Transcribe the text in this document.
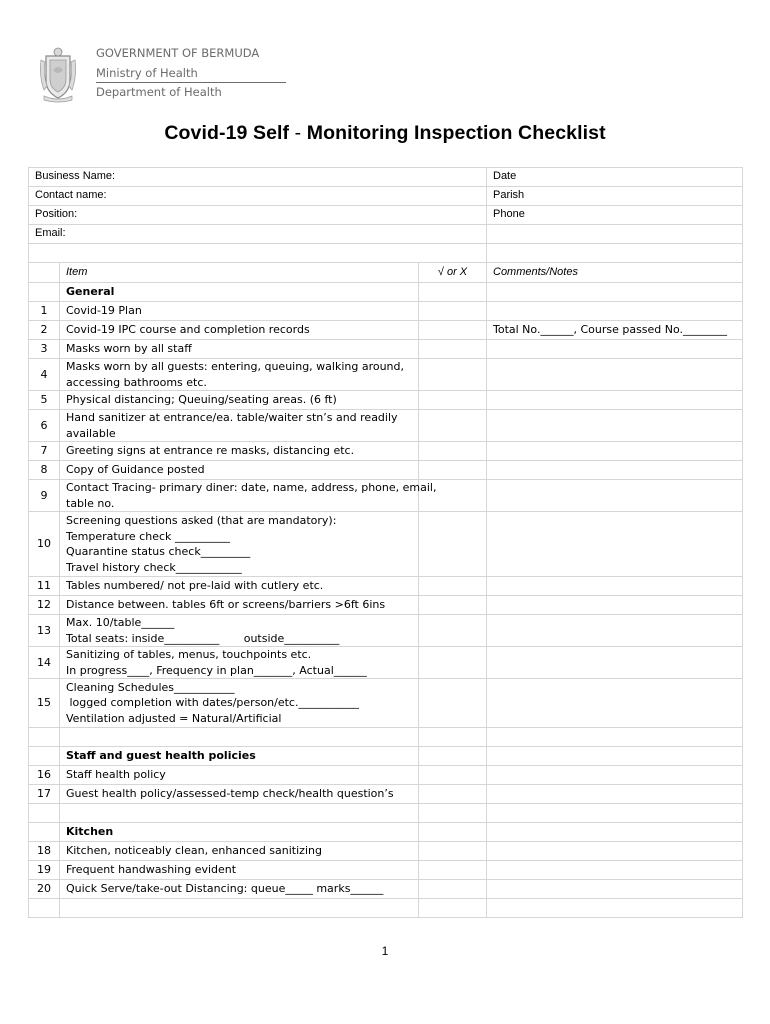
GOVERNMENT OF BERMUDA
Ministry of Health
Department of Health
Covid-19 Self - Monitoring Inspection Checklist
Business Name:			Date
Contact name:			Parish
Position:			Phone
Email:			

	Item	√ or X	Comments/Notes
	General		
1	Covid-19 Plan		

2	Covid-19 IPC course and completion records		Total No.______, Course passed No.________
3	Masks worn by all staff		

4	Masks worn by all guests: entering, queuing, walking around,
accessing bathrooms etc.		

5	Physical distancing; Queuing/seating areas. (6 ft)		

6	Hand sanitizer at entrance/ea. table/waiter stn’s and readily
available		

7	Greeting signs at entrance re masks, distancing etc.		

8	Copy of Guidance posted		

9	Contact Tracing- primary diner: date, name, address, phone, email,
table no.		

10	Screening questions asked (that are mandatory):
Temperature check __________
Quarantine status check_________
Travel history check____________		

11	Tables numbered/ not pre-laid with cutlery etc.		

12	Distance between. tables 6ft or screens/barriers >6ft 6ins		

13	Max. 10/table______
Total seats: inside__________       outside__________		

14	Sanitizing of tables, menus, touchpoints etc.
In progress____, Frequency in plan_______, Actual______		

15	Cleaning Schedules___________
logged completion with dates/person/etc.___________
Ventilation adjusted = Natural/Artificial		

	Staff and guest health policies		
16	Staff health policy		

17	Guest health policy/assessed-temp check/health question’s		

	Kitchen		
18	Kitchen, noticeably clean, enhanced sanitizing		

19	Frequent handwashing evident		

20	Quick Serve/take-out Distancing: queue_____ marks______		

1
